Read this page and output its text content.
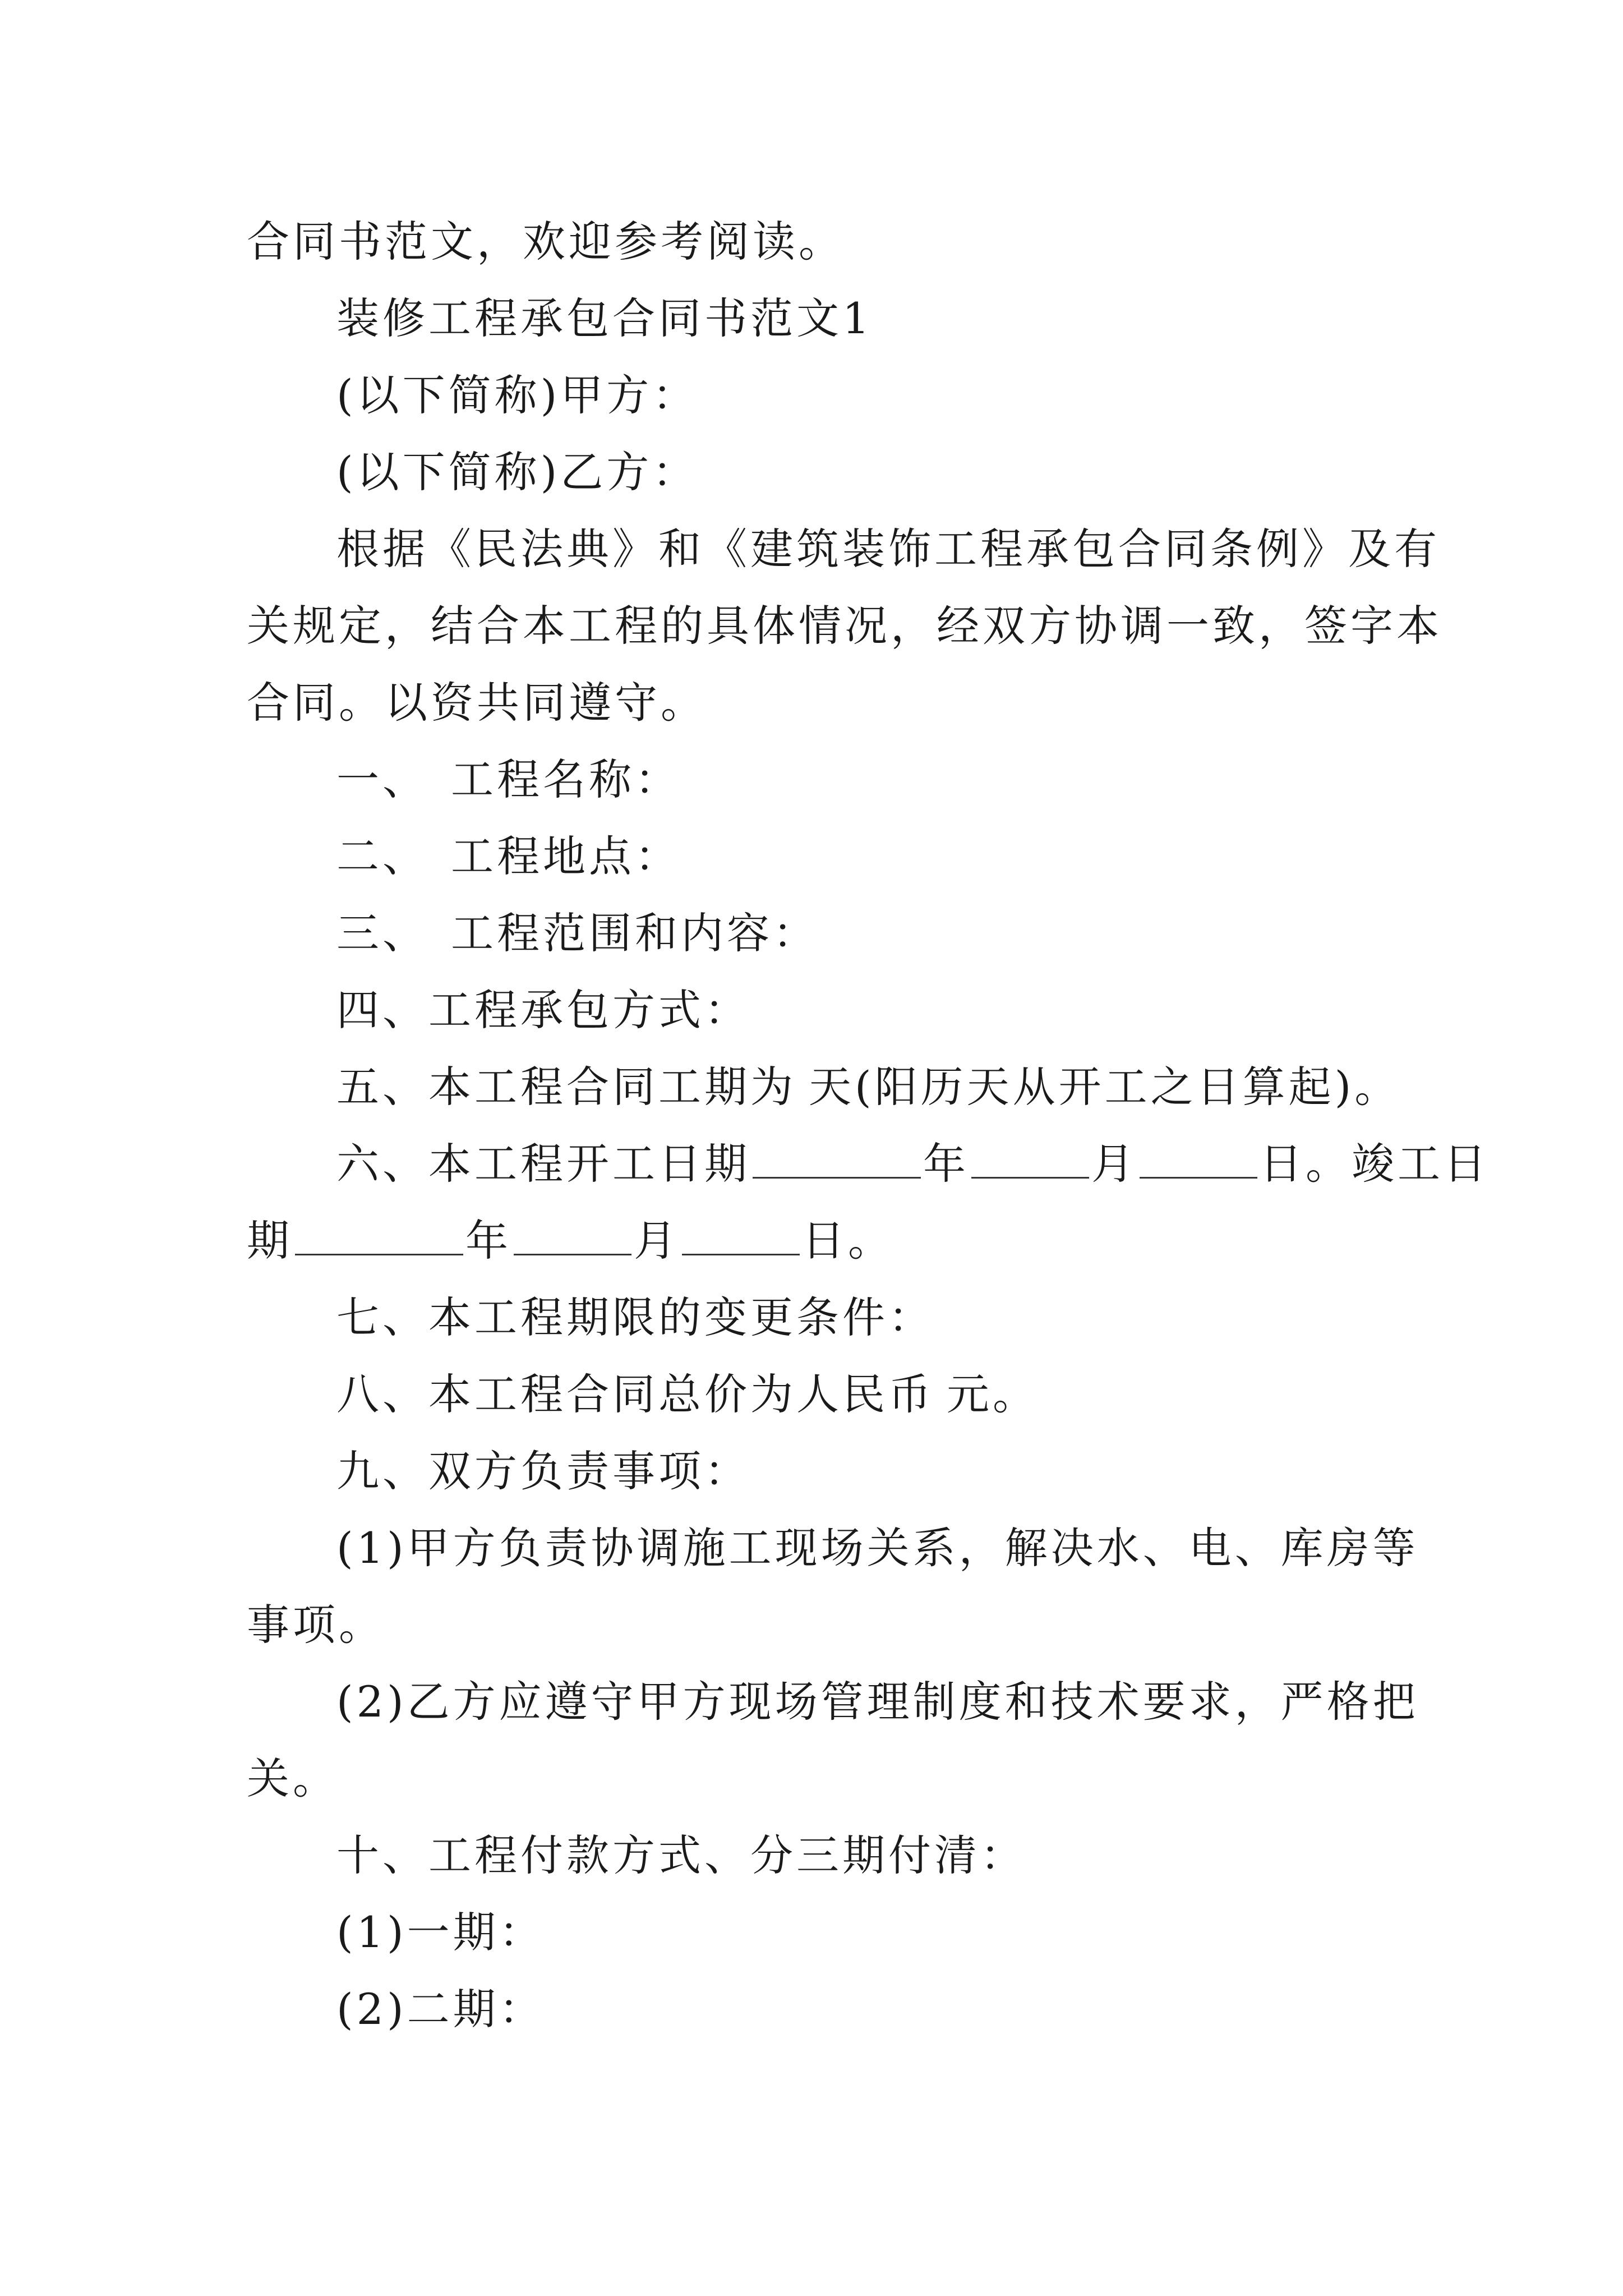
合同书范文，欢迎参考阅读。
装修工程承包合同书范文1
(以下简称)甲方：
(以下简称)乙方：
根据《民法典》和《建筑装饰工程承包合同条例》及有
关规定，结合本工程的具体情况，经双方协调一致，签字本
合同。以资共同遵守。
一、 工程名称：
二、 工程地点：
三、 工程范围和内容：
四、工程承包方式：
五、本工程合同工期为 天(阳历天从开工之日算起)。
六、本工程开工日期	年	月	日。竣工日
期	年	月	日。
七、本工程期限的变更条件：
八、本工程合同总价为人民币 元。
九、双方负责事项：
(1)甲方负责协调施工现场关系，解决水、电、库房等
事项。
(2)乙方应遵守甲方现场管理制度和技术要求，严格把
关。
十、工程付款方式、分三期付清：
(1)一期：
(2)二期：
